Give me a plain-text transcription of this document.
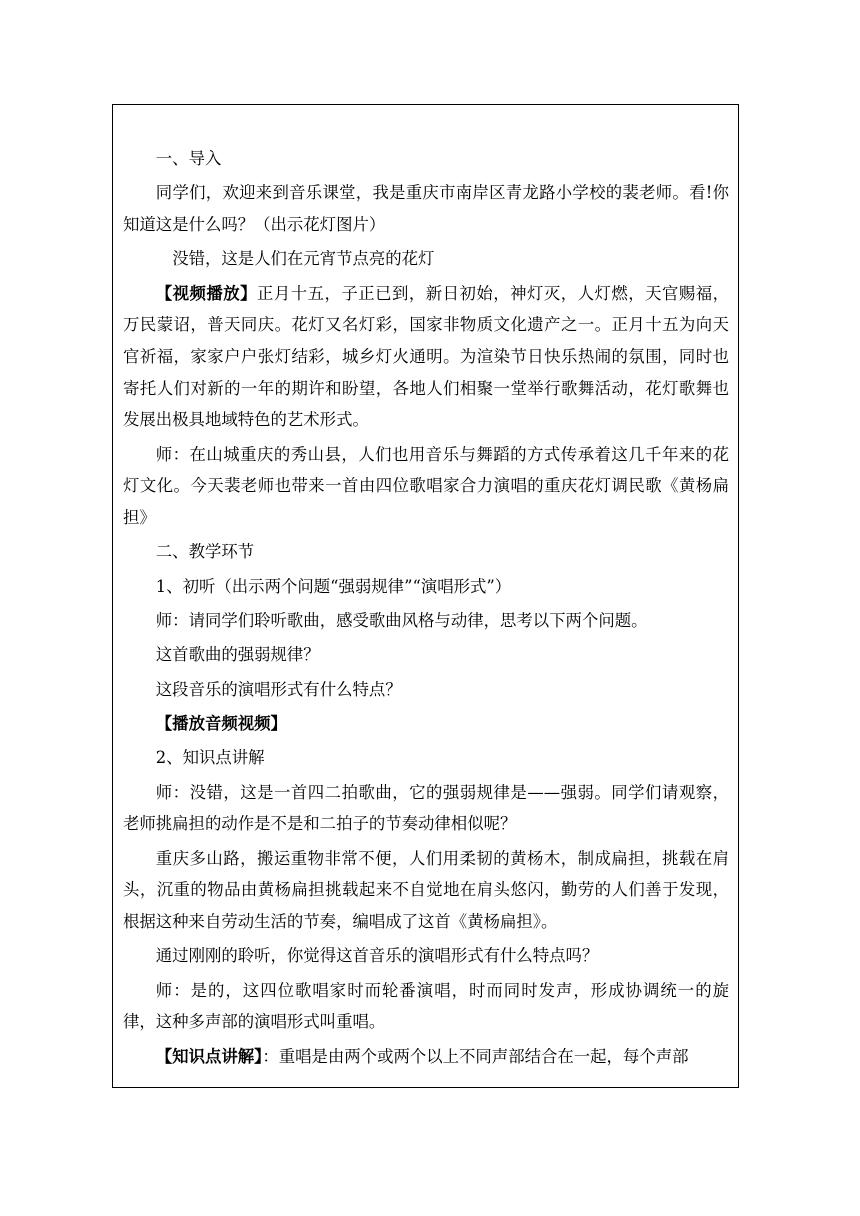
一、导入

同学们，欢迎来到音乐课堂，我是重庆市南岸区青龙路小学校的裴老师。看!你知道这是什么吗？（出示花灯图片）

没错，这是人们在元宵节点亮的花灯

【视频播放】正月十五，子正已到，新日初始，神灯灭，人灯燃，天官赐福，万民蒙诏，普天同庆。花灯又名灯彩，国家非物质文化遗产之一。正月十五为向天官祈福，家家户户张灯结彩，城乡灯火通明。为渲染节日快乐热闹的氛围，同时也寄托人们对新的一年的期许和盼望，各地人们相聚一堂举行歌舞活动，花灯歌舞也发展出极具地域特色的艺术形式。

师：在山城重庆的秀山县，人们也用音乐与舞蹈的方式传承着这几千年来的花灯文化。今天裴老师也带来一首由四位歌唱家合力演唱的重庆花灯调民歌《黄杨扁担》

二、教学环节

1、初听（出示两个问题“强弱规律”“演唱形式”）

师：请同学们聆听歌曲，感受歌曲风格与动律，思考以下两个问题。

这首歌曲的强弱规律？

这段音乐的演唱形式有什么特点？

【播放音频视频】

2、知识点讲解

师：没错，这是一首四二拍歌曲，它的强弱规律是——强弱。同学们请观察，老师挑扁担的动作是不是和二拍子的节奏动律相似呢？

重庆多山路，搬运重物非常不便，人们用柔韧的黄杨木，制成扁担，挑载在肩头，沉重的物品由黄杨扁担挑载起来不自觉地在肩头悠闪，勤劳的人们善于发现，根据这种来自劳动生活的节奏，编唱成了这首《黄杨扁担》。

通过刚刚的聆听，你觉得这首音乐的演唱形式有什么特点吗？

师：是的，这四位歌唱家时而轮番演唱，时而同时发声，形成协调统一的旋律，这种多声部的演唱形式叫重唱。

【知识点讲解】：重唱是由两个或两个以上不同声部结合在一起，每个声部
